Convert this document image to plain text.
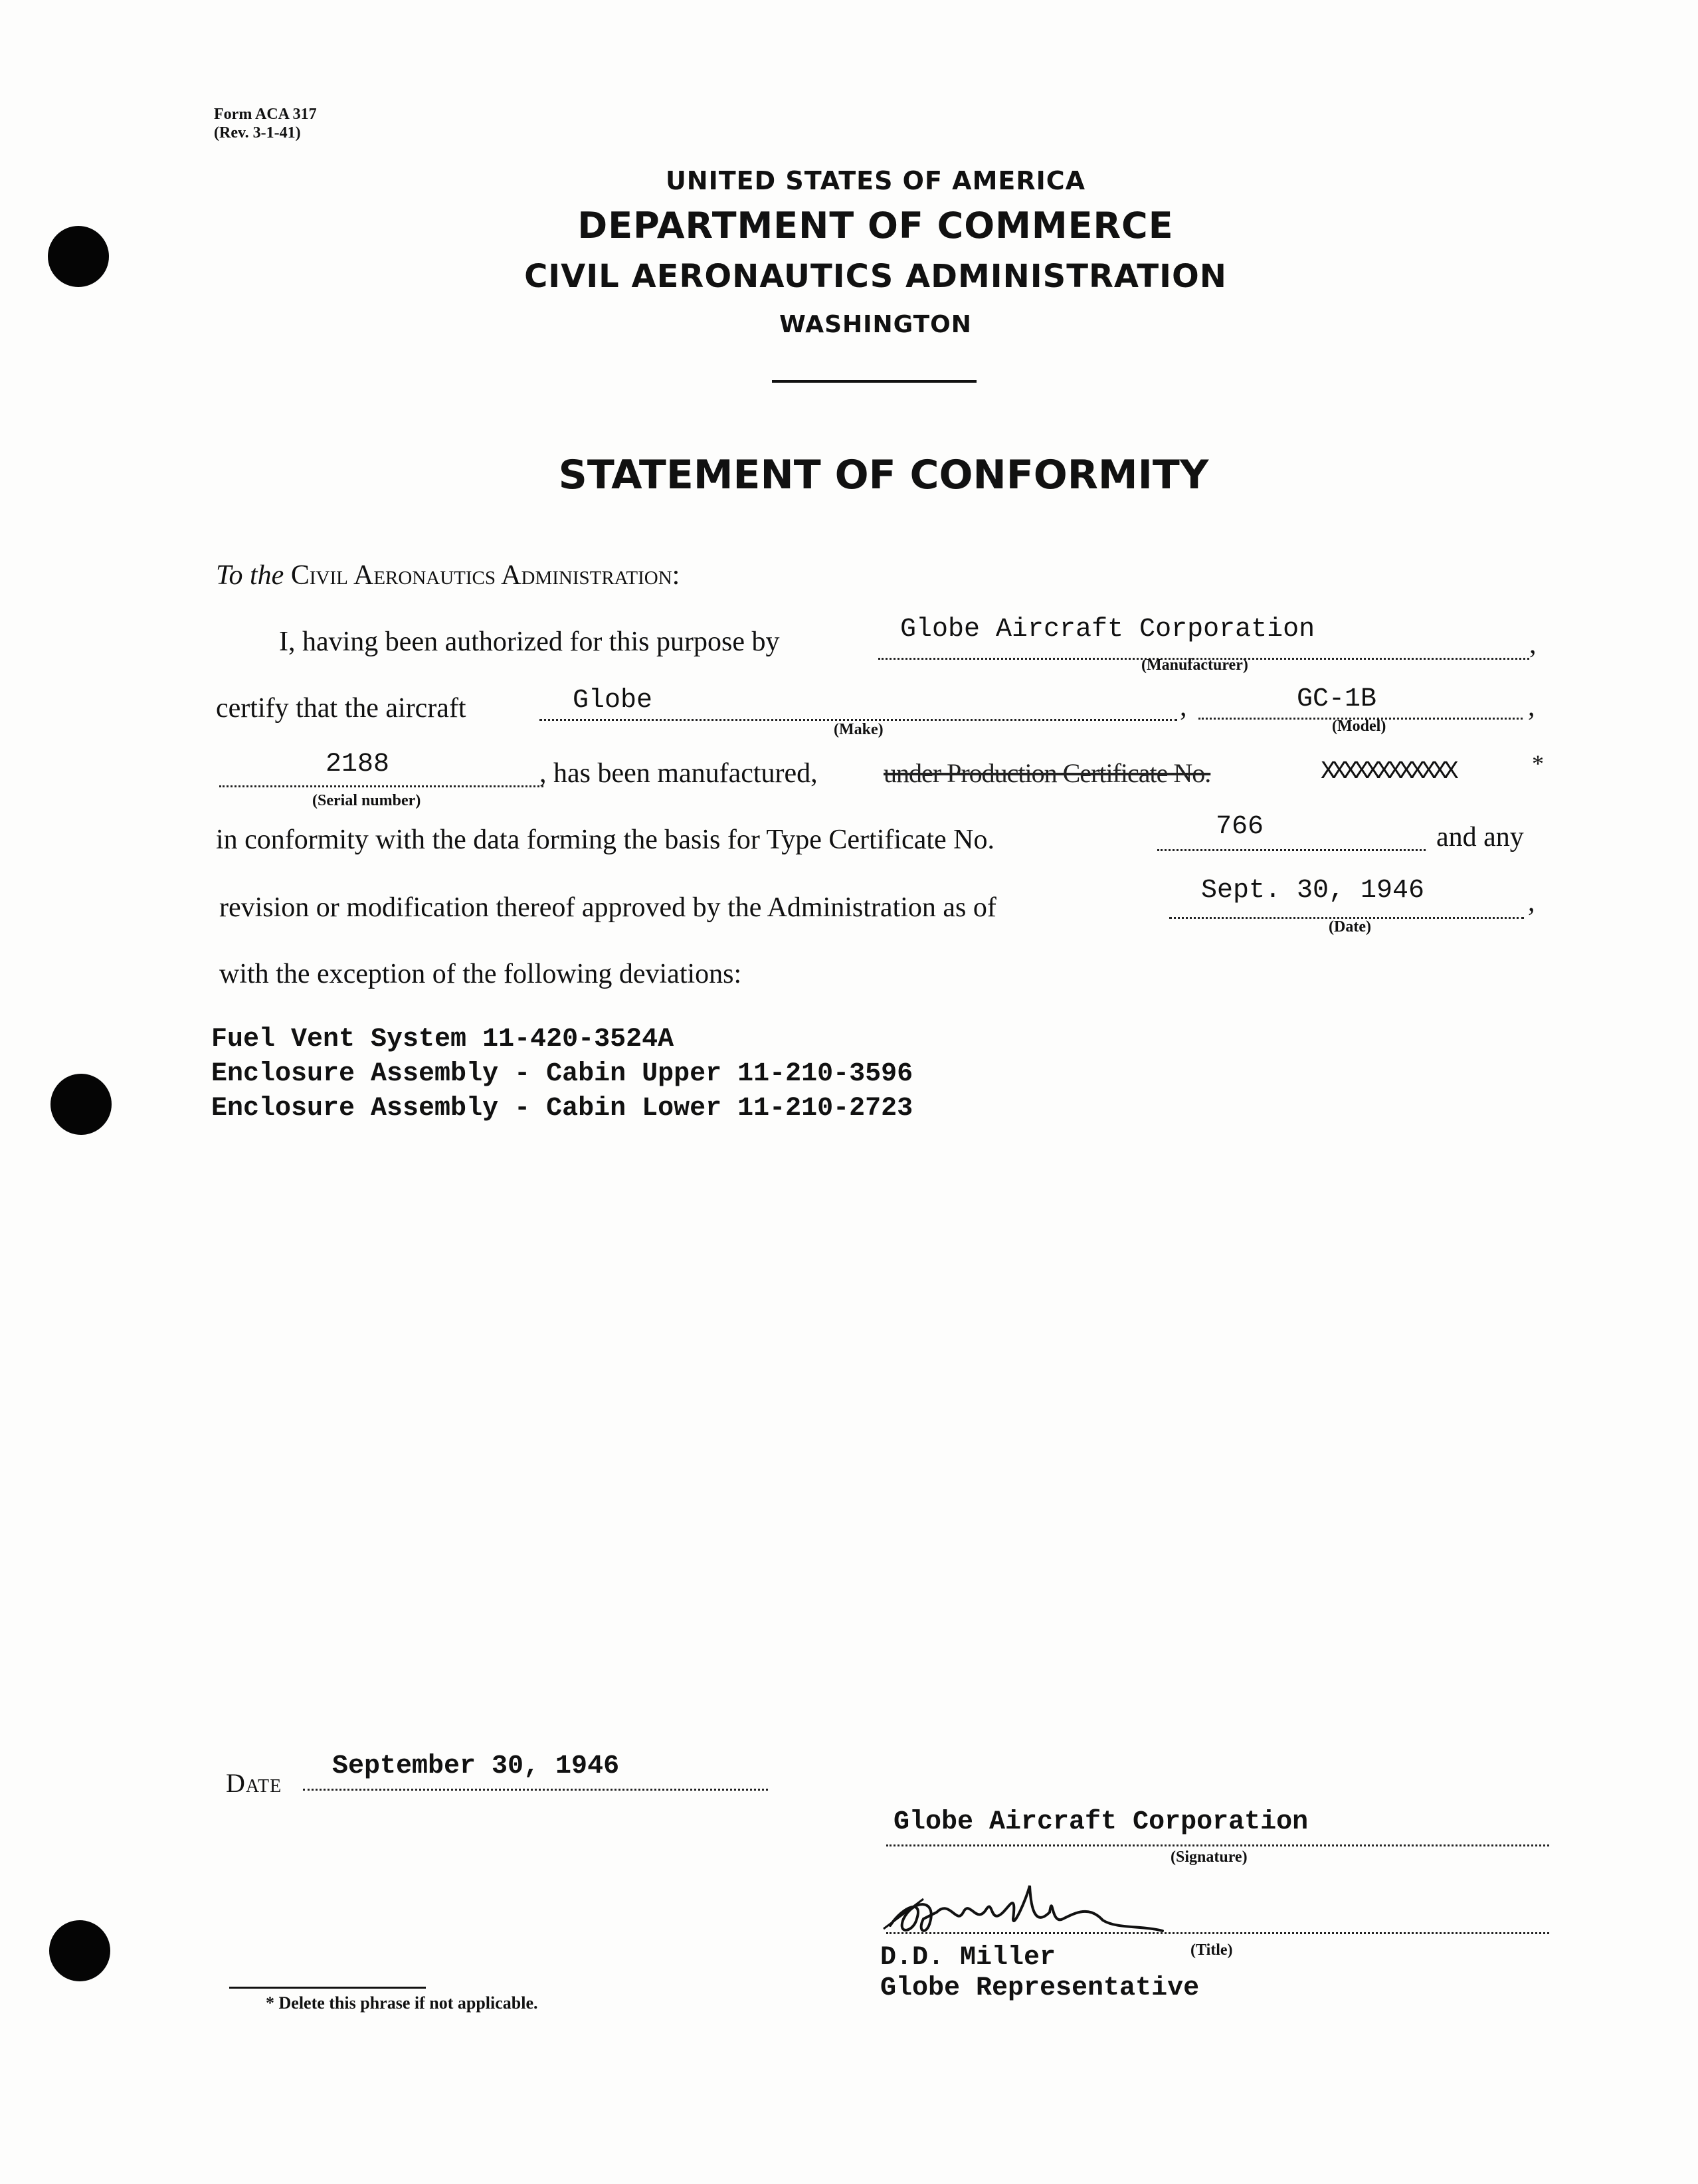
Form ACA 317
(Rev. 3-1-41)
UNITED STATES OF AMERICA
DEPARTMENT OF COMMERCE
CIVIL AERONAUTICS ADMINISTRATION
WASHINGTON
STATEMENT OF CONFORMITY
To the Civil Aeronautics Administration:
I, having been authorized for this purpose by	Globe Aircraft Corporation	,
(Manufacturer)
certify that the aircraft	Globe	,	GC-1B	,
(Make)	(Model)
2188	, has been manufactured, under Production Certificate No.	XXXXXXXXXXXX	*
(Serial number)
in conformity with the data forming the basis for Type Certificate No.	766	and any
revision or modification thereof approved by the Administration as of
Sept. 30, 1946	,
(Date)
with the exception of the following deviations:
Fuel Vent System 11-420-3524A
Enclosure Assembly - Cabin Upper 11-210-3596
Enclosure Assembly - Cabin Lower 11-210-2723
Date
September 30, 1946
Globe Aircraft Corporation
(Signature)
D.D. Miller	(Title)
Globe Representative
* Delete this phrase if not applicable.
